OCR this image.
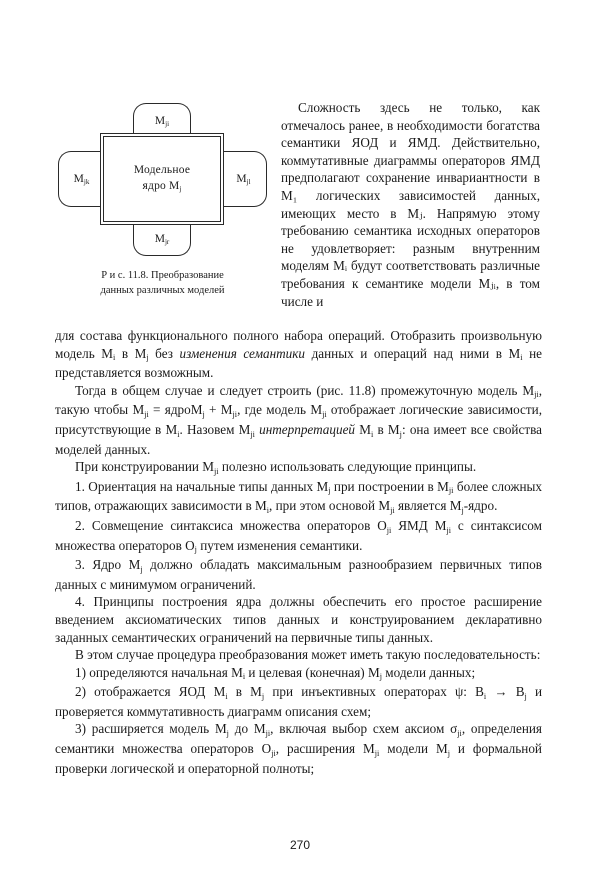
$M_{ji}$
$M_{jk}$	$M_{jl}$
$M_{jr}$
Модельное
ядро $M_j$
Р и с. 11.8. Преобразование
данных различных моделей

Сложность здесь не только, как отмечалось ранее, в необходимости богатства семантики ЯОД и ЯМД. Действительно, коммутативные диаграммы операторов ЯМД предполагают сохранение инвариантности в M₁ логических зависимостей данных, имеющих место в Mⱼ. Напрямую этому требованию семантика исходных операторов не удовлетворяет: разным внутренним моделям Mᵢ будут соответствовать различные требования к семантике модели Mⱼᵢ, в том числе и

для состава функционального полного набора операций. Отобразить произвольную модель $M_i$ в $M_j$ без изменения семантики данных и операций над ними в $M_i$ не представляется возможным.

Тогда в общем случае и следует строить (рис. 11.8) промежуточную модель $M_{ji}$, такую чтобы $M_{ji}$ = ядроM$_j$ + $M_{ji}$, где модель $M_{ji}$ отображает логические зависимости, присутствующие в $M_i$. Назовем $M_{ji}$ интерпретацией $M_i$ в $M_j$: она имеет все свойства моделей данных.

При конструировании $M_{ji}$ полезно использовать следующие принципы.

1. Ориентация на начальные типы данных $M_j$ при построении в $M_{ji}$ более сложных типов, отражающих зависимости в $M_i$, при этом основой $M_{ji}$ является $M_j$-ядро.

2. Совмещение синтаксиса множества операторов $O_{ji}$ ЯМД $M_{ji}$ с синтаксисом множества операторов $O_j$ путем изменения семантики.

3. Ядро $M_j$ должно обладать максимальным разнообразием первичных типов данных с минимумом ограничений.

4. Принципы построения ядра должны обеспечить его простое расширение введением аксиоматических типов данных и конструированием декларативно заданных семантических ограничений на первичные типы данных.

В этом случае процедура преобразования может иметь такую последовательность:

1) определяются начальная $M_i$ и целевая (конечная) $M_j$ модели данных;

2) отображается ЯОД $M_i$ в $M_j$ при инъективных операторах ψ: $B_i \to B_j$ и проверяется коммутативность диаграмм описания схем;

3) расширяется модель $M_j$ до $M_{ji}$, включая выбор схем аксиом $\sigma_{ji}$, определения семантики множества операторов $O_{ji}$, расширения $M_{ji}$ модели $M_j$ и формальной проверки логической и операторной полноты;

270
